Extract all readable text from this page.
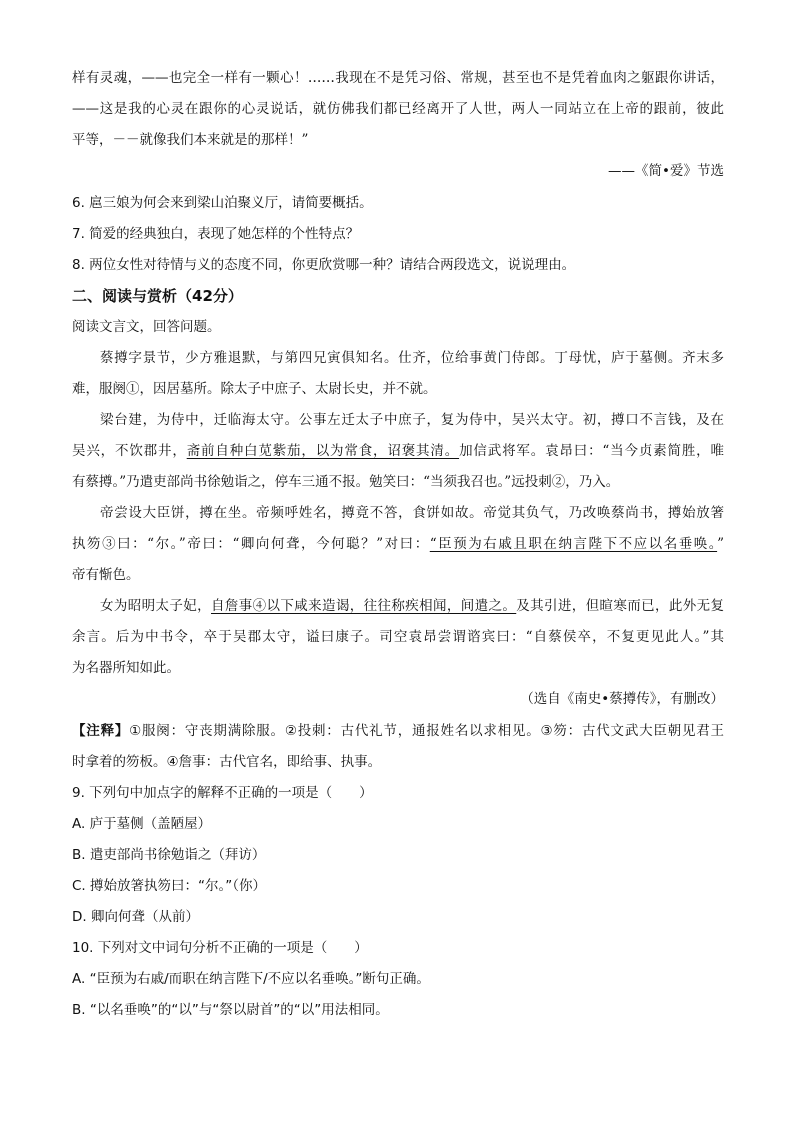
样有灵魂，——也完全一样有一颗心！……我现在不是凭习俗、常规，甚至也不是凭着血肉之躯跟你讲话，
——这是我的心灵在跟你的心灵说话，就仿佛我们都已经离开了人世，两人一同站立在上帝的跟前，彼此
平等，－－就像我们本来就是的那样！”
——《简•爱》节选
6. 扈三娘为何会来到梁山泊聚义厅，请简要概括。
7. 简爱的经典独白，表现了她怎样的个性特点？
8. 两位女性对待情与义的态度不同，你更欣赏哪一种？请结合两段选文，说说理由。
二、阅读与赏析（42分）
阅读文言文，回答问题。
蔡撙字景节，少方雅退默，与第四兄寅俱知名。仕齐，位给事黄门侍郎。丁母忧，庐于墓侧。齐末多
难，服阕①，因居墓所。除太子中庶子、太尉长史，并不就。
梁台建，为侍中，迁临海太守。公事左迁太子中庶子，复为侍中，吴兴太守。初，撙口不言钱，及在
吴兴，不饮郡井，斋前自种白苋紫茄，以为常食，诏褒其清。加信武将军。袁昂曰：“当今贞素简胜，唯
有蔡撙。”乃遣吏部尚书徐勉诣之，停车三通不报。勉笑曰：“当须我召也。”远投刺②，乃入。
帝尝设大臣饼，撙在坐。帝频呼姓名，撙竟不答，食饼如故。帝觉其负气，乃改唤蔡尚书，撙始放箸
执笏③曰：“尔。”帝曰：“卿向何聋，今何聪？”对曰：“臣预为右戚且职在纳言陛下不应以名垂唤。”
帝有惭色。
女为昭明太子妃，自詹事④以下咸来造谒，往往称疾相闻，间遣之。及其引进，但暄寒而已，此外无复
余言。后为中书令，卒于吴郡太守，谥曰康子。司空袁昂尝谓谘宾曰：“自蔡侯卒，不复更见此人。”其
为名器所知如此。
（选自《南史•蔡撙传》，有删改）
【注释】①服阕：守丧期满除服。②投刺：古代礼节，通报姓名以求相见。③笏：古代文武大臣朝见君王
时拿着的笏板。④詹事：古代官名，即给事、执事。
9. 下列句中加点字的解释不正确的一项是（　　）
A. 庐于墓侧（盖陋屋）
B. 遣吏部尚书徐勉诣之（拜访）
C. 撙始放箸执笏曰：“尔。”（你）
D. 卿向何聋（从前）
10. 下列对文中词句分析不正确的一项是（　　）
A. “臣预为右戚/而职在纳言陛下/不应以名垂唤。”断句正确。
B. “以名垂唤”的“以”与“祭以尉首”的“以”用法相同。
